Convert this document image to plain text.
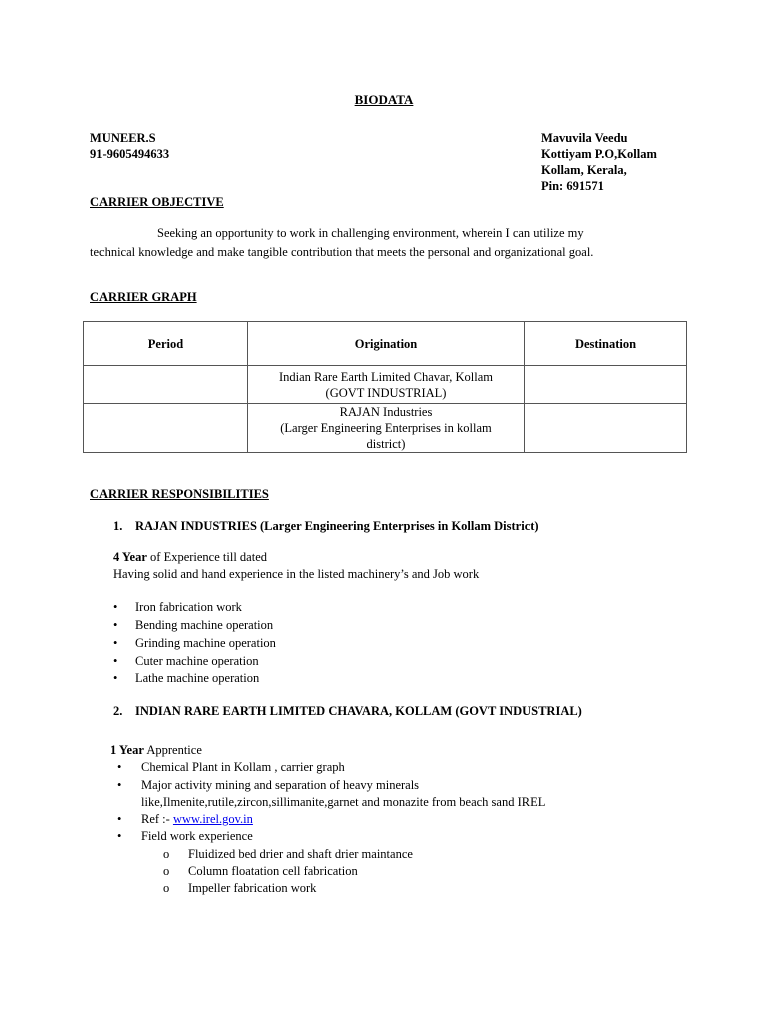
BIODATA
MUNEER.S
91-9605494633
Mavuvila Veedu
Kottiyam P.O,Kollam
Kollam, Kerala,
Pin: 691571
CARRIER OBJECTIVE
Seeking an opportunity to work in challenging environment, wherein I can utilize my
technical knowledge and make tangible contribution that meets the personal and organizational goal.
CARRIER GRAPH
Period	Origination	Destination

	Indian Rare Earth Limited Chavar, Kollam
(GOVT INDUSTRIAL)	

	RAJAN Industries
(Larger Engineering Enterprises in kollam
district)	

CARRIER RESPONSIBILITIES
1. RAJAN INDUSTRIES (Larger Engineering Enterprises in Kollam District)
4 Year of Experience till dated
Having solid and hand experience in the listed machinery’s and Job work
• Iron fabrication work
• Bending machine operation
• Grinding machine operation
• Cuter machine operation
• Lathe machine operation
2. INDIAN RARE EARTH LIMITED CHAVARA, KOLLAM (GOVT INDUSTRIAL)
1 Year Apprentice
• Chemical Plant in Kollam , carrier graph
• Major activity mining and separation of heavy minerals
like,Ilmenite,rutile,zircon,sillimanite,garnet and monazite from beach sand IREL
• Ref :- www.irel.gov.in
• Field work experience
o Fluidized bed drier and shaft drier maintance
o Column floatation cell fabrication
o Impeller fabrication work
